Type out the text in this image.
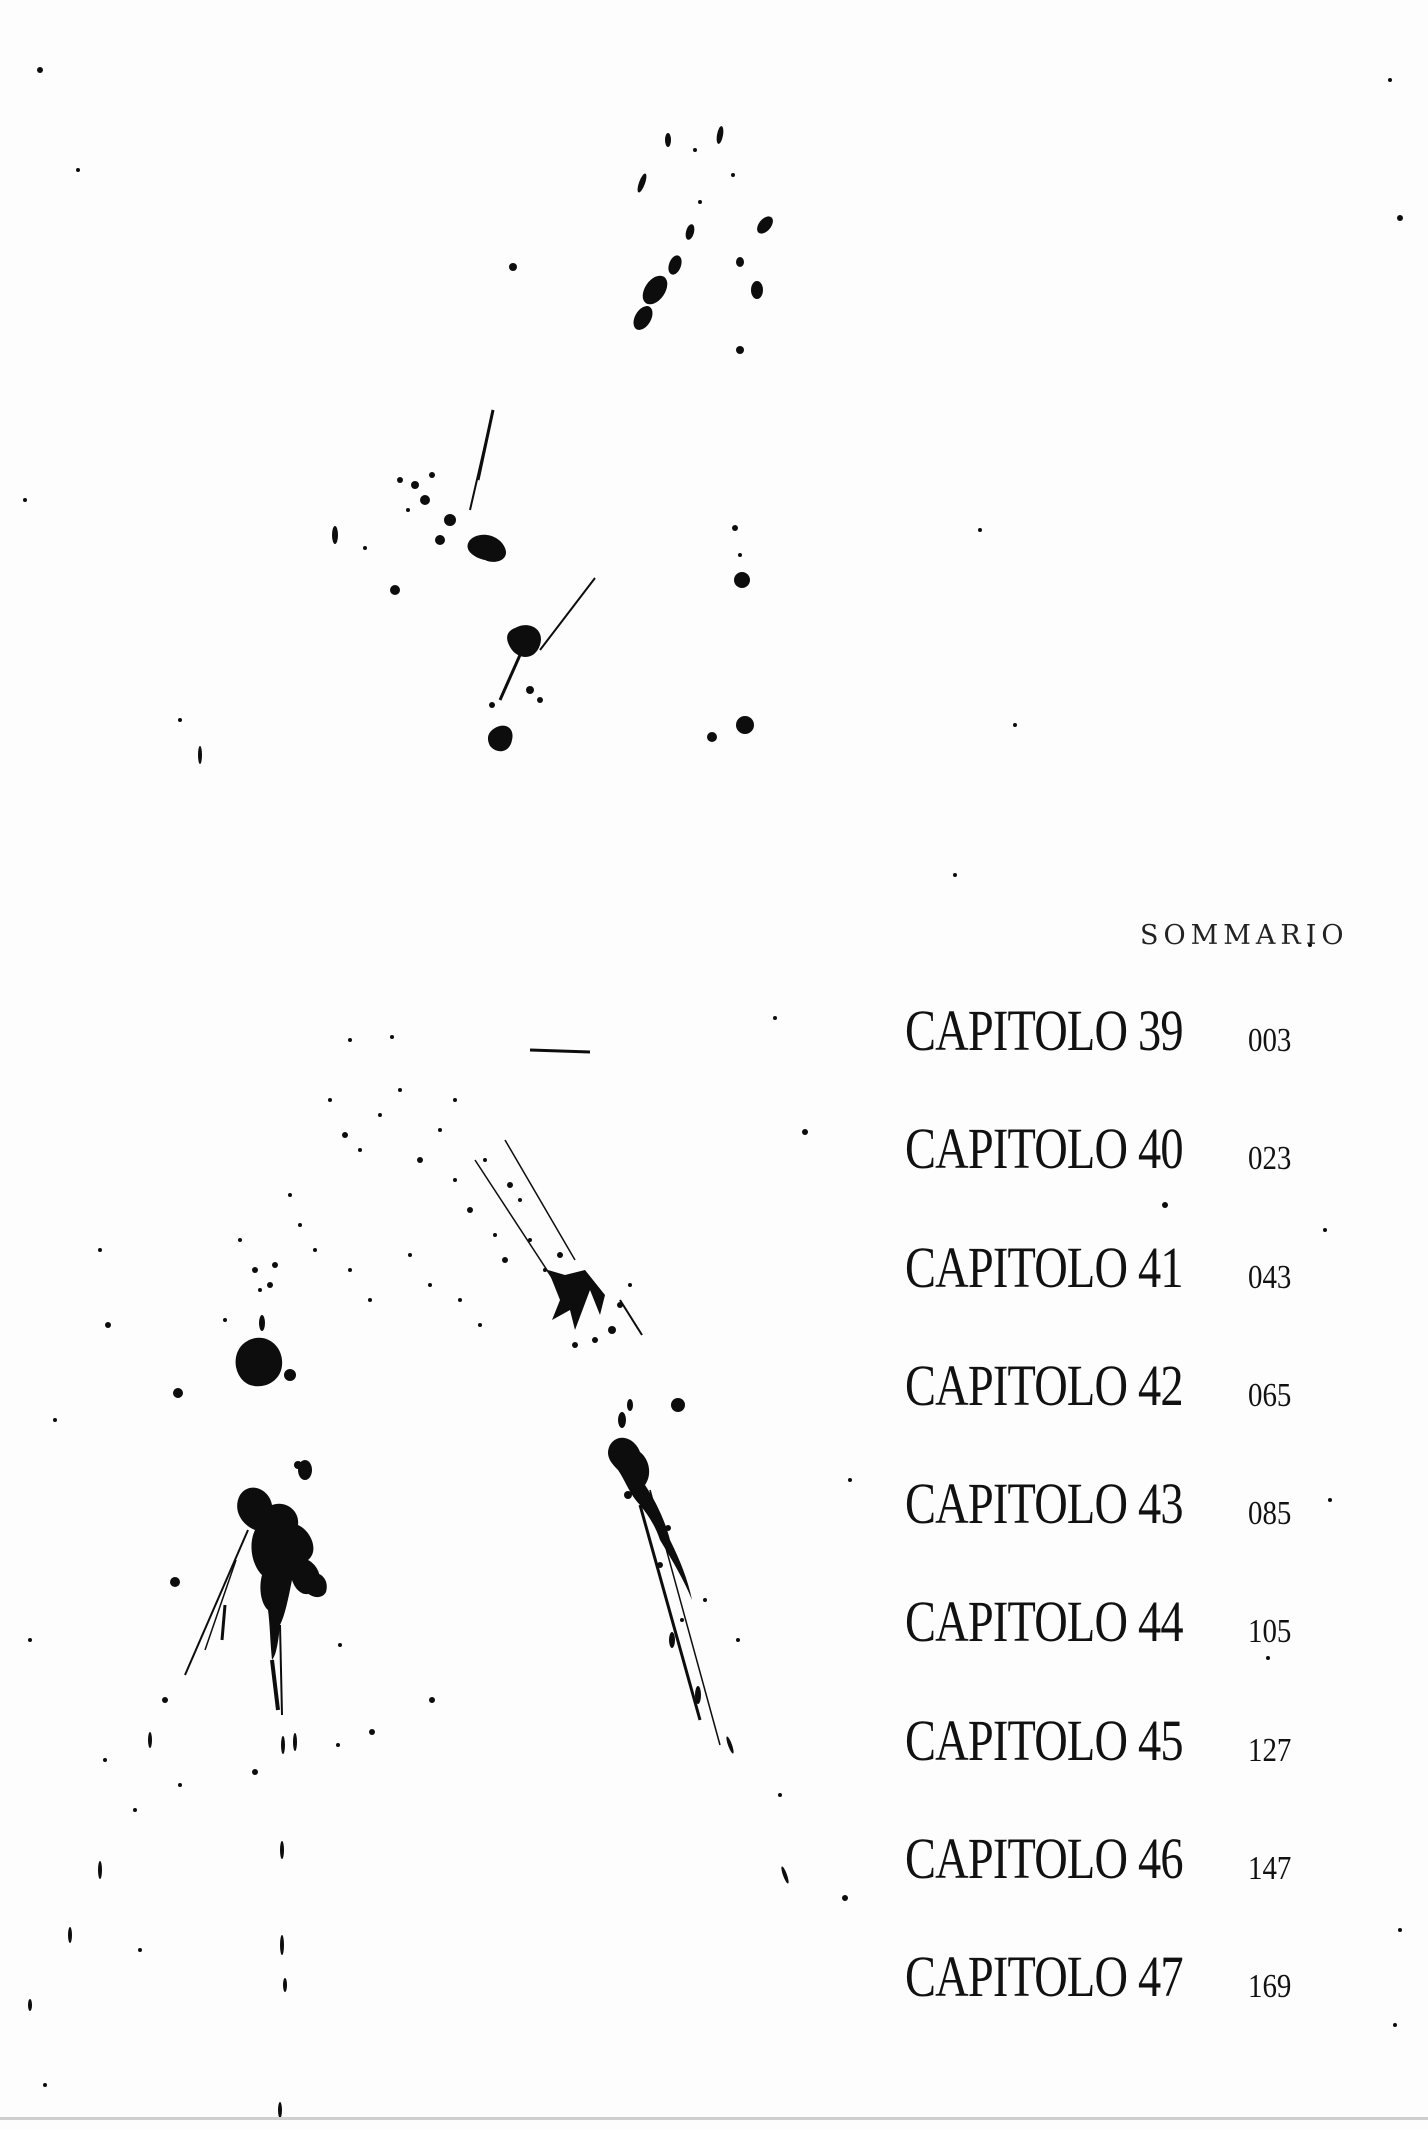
SOMMARIO
CAPITOLO 39 003
CAPITOLO 40 023
CAPITOLO 41 043
CAPITOLO 42 065
CAPITOLO 43 085
CAPITOLO 44 105
CAPITOLO 45 127
CAPITOLO 46 147
CAPITOLO 47 169
